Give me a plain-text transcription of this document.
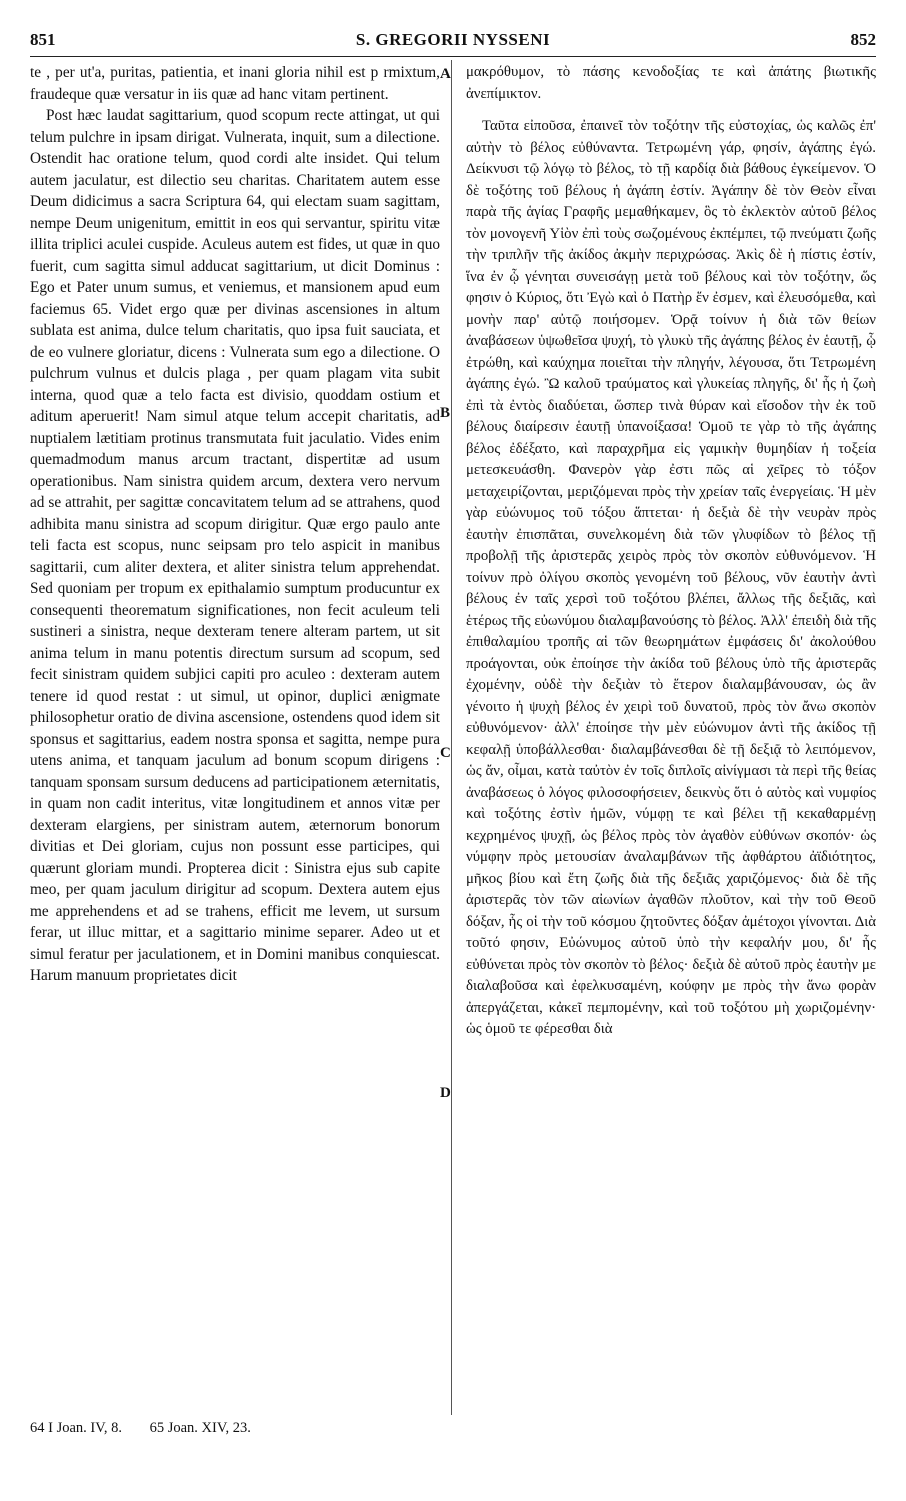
851	S. GREGORII NYSSENI	852

te , per ut'a, puritas, patientia, et inani gloria nihil est p rmixtum, fraudeque quæ versatur in iis quæ ad hanc vitam pertinent.

Post hæc laudat sagittarium, quod scopum recte attingat, ut qui telum pulchre in ipsam dirigat. Vulnerata, inquit, sum a dilectione. Ostendit hac oratione telum, quod cordi alte insidet. Qui telum autem jaculatur, est dilectio seu charitas. Charitatem autem esse Deum didicimus a sacra Scriptura 64, qui electam suam sagittam, nempe Deum unigenitum, emittit in eos qui servantur, spiritu vitæ illita triplici aculei cuspide. Aculeus autem est fides, ut quæ in quo fuerit, cum sagitta simul adducat sagittarium, ut dicit Dominus : Ego et Pater unum sumus, et veniemus, et mansionem apud eum faciemus 65. Videt ergo quæ per divinas ascensiones in altum sublata est anima, dulce telum charitatis, quo ipsa fuit sauciata, et de eo vulnere gloriatur, dicens : Vulnerata sum ego a dilectione. O pulchrum vulnus et dulcis plaga , per quam plagam vita subit interna, quod quæ a telo facta est divisio, quoddam ostium et aditum aperuerit! Nam simul atque telum accepit charitatis, ad nuptialem lætitiam protinus transmutata fuit jaculatio. Vides enim quemadmodum manus arcum tractant, dispertitæ ad usum operationibus. Nam sinistra quidem arcum, dextera vero nervum ad se attrahit, per sagittæ concavitatem telum ad se attrahens, quod adhibita manu sinistra ad scopum dirigitur. Quæ ergo paulo ante teli facta est scopus, nunc seipsam pro telo aspicit in manibus sagittarii, cum aliter dextera, et aliter sinistra telum apprehendat. Sed quoniam per tropum ex epithalamio sumptum producuntur ex consequenti theorematum significationes, non fecit aculeum teli sustineri a sinistra, neque dexteram tenere alteram partem, ut sit anima telum in manu potentis directum sursum ad scopum, sed fecit sinistram quidem subjici capiti pro aculeo : dexteram autem tenere id quod restat : ut simul, ut opinor, duplici ænigmate philosophetur oratio de divina ascensione, ostendens quod idem sit sponsus et sagittarius, eadem nostra sponsa et sagitta, nempe pura utens anima, et tanquam jaculum ad bonum scopum dirigens : tanquam sponsam sursum deducens ad participationem æternitatis, in quam non cadit interitus, vitæ longitudinem et annos vitæ per dexteram elargiens, per sinistram autem, æternorum bonorum divitias et Dei gloriam, cujus non possunt esse participes, qui quærunt gloriam mundi. Propterea dicit : Sinistra ejus sub capite meo, per quam jaculum dirigitur ad scopum. Dextera autem ejus me apprehendens et ad se trahens, efficit me levem, ut sursum ferar, ut illuc mittar, et a sagittario minime separer. Adeo ut et simul feratur per jaculationem, et in Domini manibus conquiescat. Harum manuum proprietates dicit

μακρόθυμον, τὸ πάσης κενοδοξίας τε καὶ ἀπάτης βιωτικῆς ἀνεπίμικτον.

Ταῦτα εἰποῦσα, ἐπαινεῖ τὸν τοξότην τῆς εὐστοχίας, ὡς καλῶς ἐπ' αὐτὴν τὸ βέλος εὐθύναντα. Τετρωμένη γάρ, φησίν, ἀγάπης ἐγώ. Δείκνυσι τῷ λόγῳ τὸ βέλος, τὸ τῇ καρδίᾳ διὰ βάθους ἐγκείμενον. Ὁ δὲ τοξότης τοῦ βέλους ἡ ἀγάπη ἐστίν. Ἀγάπην δὲ τὸν Θεὸν εἶναι παρὰ τῆς ἁγίας Γραφῆς μεμαθήκαμεν, ὃς τὸ ἐκλεκτὸν αὐτοῦ βέλος τὸν μονογενῆ Υἱὸν ἐπὶ τοὺς σωζομένους ἐκπέμπει, τῷ πνεύματι ζωῆς τὴν τριπλῆν τῆς ἀκίδος ἀκμὴν περιχρώσας. Ἀκὶς δὲ ἡ πίστις ἐστίν, ἵνα ἐν ᾧ γένηται συνεισάγῃ μετὰ τοῦ βέλους καὶ τὸν τοξότην, ὥς φησιν ὁ Κύριος, ὅτι Ἐγὼ καὶ ὁ Πατὴρ ἕν ἐσμεν, καὶ ἐλευσόμεθα, καὶ μονὴν παρ' αὐτῷ ποιήσομεν. Ὁρᾷ τοίνυν ἡ διὰ τῶν θείων ἀναβάσεων ὑψωθεῖσα ψυχή, τὸ γλυκὺ τῆς ἀγάπης βέλος ἐν ἑαυτῇ, ᾧ ἐτρώθη, καὶ καύχημα ποιεῖται τὴν πληγήν, λέγουσα, ὅτι Τετρωμένη ἀγάπης ἐγώ. Ὢ καλοῦ τραύματος καὶ γλυκείας πληγῆς, δι' ἧς ἡ ζωὴ ἐπὶ τὰ ἐντὸς διαδύεται, ὥσπερ τινὰ θύραν καὶ εἴσοδον τὴν ἐκ τοῦ βέλους διαίρεσιν ἑαυτῇ ὑπανοίξασα! Ὁμοῦ τε γὰρ τὸ τῆς ἀγάπης βέλος ἐδέξατο, καὶ παραχρῆμα εἰς γαμικὴν θυμηδίαν ἡ τοξεία μετεσκευάσθη. Φανερὸν γὰρ ἐστι πῶς αἱ χεῖρες τὸ τόξον μεταχειρίζονται, μεριζόμεναι πρὸς τὴν χρείαν ταῖς ἐνεργείαις. Ἡ μὲν γὰρ εὐώνυμος τοῦ τόξου ἅπτεται· ἡ δεξιὰ δὲ τὴν νευρὰν πρὸς ἑαυτὴν ἐπισπᾶται, συνελκομένη διὰ τῶν γλυφίδων τὸ βέλος τῇ προβολῇ τῆς ἀριστερᾶς χειρὸς πρὸς τὸν σκοπὸν εὐθυνόμενον. Ἡ τοίνυν πρὸ ὀλίγου σκοπὸς γενομένη τοῦ βέλους, νῦν ἑαυτὴν ἀντὶ βέλους ἐν ταῖς χερσὶ τοῦ τοξότου βλέπει, ἄλλως τῆς δεξιᾶς, καὶ ἑτέρως τῆς εὐωνύμου διαλαμβανούσης τὸ βέλος. Ἀλλ' ἐπειδὴ διὰ τῆς ἐπιθαλαμίου τροπῆς αἱ τῶν θεωρημάτων ἐμφάσεις δι' ἀκολούθου προάγονται, οὐκ ἐποίησε τὴν ἀκίδα τοῦ βέλους ὑπὸ τῆς ἀριστερᾶς ἐχομένην, οὐδὲ τὴν δεξιὰν τὸ ἕτερον διαλαμβάνουσαν, ὡς ἂν γένοιτο ἡ ψυχὴ βέλος ἐν χειρὶ τοῦ δυνατοῦ, πρὸς τὸν ἄνω σκοπὸν εὐθυνόμενον· ἀλλ' ἐποίησε τὴν μὲν εὐώνυμον ἀντὶ τῆς ἀκίδος τῇ κεφαλῇ ὑποβάλλεσθαι· διαλαμβάνεσθαι δὲ τῇ δεξιᾷ τὸ λειπόμενον, ὡς ἄν, οἶμαι, κατὰ ταὐτὸν ἐν τοῖς διπλοῖς αἰνίγμασι τὰ περὶ τῆς θείας ἀναβάσεως ὁ λόγος φιλοσοφήσειεν, δεικνὺς ὅτι ὁ αὐτὸς καὶ νυμφίος καὶ τοξότης ἐστὶν ἡμῶν, νύμφῃ τε καὶ βέλει τῇ κεκαθαρμένῃ κεχρημένος ψυχῇ, ὡς βέλος πρὸς τὸν ἀγαθὸν εὐθύνων σκοπόν· ὡς νύμφην πρὸς μετουσίαν ἀναλαμβάνων τῆς ἀφθάρτου ἀϊδιότητος, μῆκος βίου καὶ ἔτη ζωῆς διὰ τῆς δεξιᾶς χαριζόμενος· διὰ δὲ τῆς ἀριστερᾶς τὸν τῶν αἰωνίων ἀγαθῶν πλοῦτον, καὶ τὴν τοῦ Θεοῦ δόξαν, ἧς οἱ τὴν τοῦ κόσμου ζητοῦντες δόξαν ἀμέτοχοι γίνονται. Διὰ τοῦτό φησιν, Εὐώνυμος αὐτοῦ ὑπὸ τὴν κεφαλήν μου, δι' ἧς εὐθύνεται πρὸς τὸν σκοπὸν τὸ βέλος· δεξιὰ δὲ αὐτοῦ πρὸς ἑαυτὴν με διαλαβοῦσα καὶ ἐφελκυσαμένη, κούφην με πρὸς τὴν ἄνω φορὰν ἀπεργάζεται, κἀκεῖ πεμπομένην, καὶ τοῦ τοξότου μὴ χωριζομένην· ὡς ὁμοῦ τε φέρεσθαι διὰ

A
B
C
D
64 I Joan. IV, 8. 65 Joan. XIV, 23.
